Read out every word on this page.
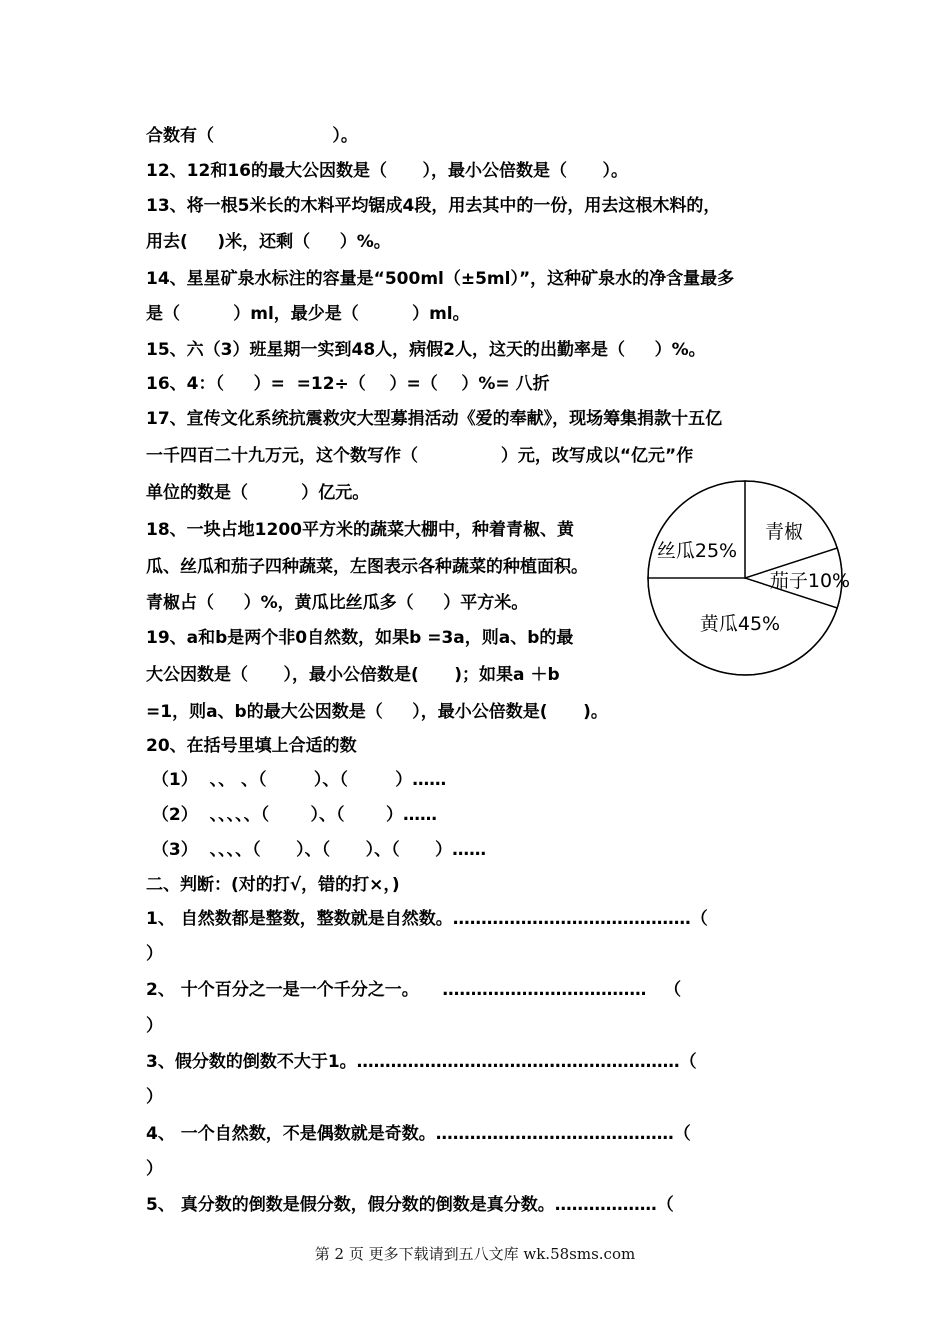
合数有（                    ）。
12、12和16的最大公因数是（      ），最小公倍数是（      ）。
13、将一根5米长的木料平均锯成4段，用去其中的一份，用去这根木料的，
用去(     )米，还剩（     ）%。
14、星星矿泉水标注的容量是“500ml（±5ml）”，这种矿泉水的净含量最多
是（         ）ml，最少是（         ）ml。
15、六（3）班星期一实到48人，病假2人，这天的出勤率是（     ）%。
16、4：（     ）=  =12÷（    ）=（    ）%= 八折
17、宣传文化系统抗震救灾大型募捐活动《爱的奉献》，现场筹集捐款十五亿
一千四百二十九万元，这个数写作（              ）元，改写成以“亿元”作
单位的数是（         ）亿元。
18、一块占地1200平方米的蔬菜大棚中，种着青椒、黄
瓜、丝瓜和茄子四种蔬菜，左图表示各种蔬菜的种植面积。
青椒占（     ）%，黄瓜比丝瓜多（     ）平方米。
19、a和b是两个非0自然数，如果b =3a，则a、b的最
大公因数是（      ），最小公倍数是(      )；如果a ＋b
=1，则a、b的最大公因数是（     ），最小公倍数是(      )。
20、在括号里填上合适的数
（1）  、、 、（        ）、（        ）……
（2）  、、、、、（       ）、（       ）……
（3）  、、、、（      ）、（      ）、（      ）……
二、判断：(对的打√，错的打×，)
1、 自然数都是整数，整数就是自然数。……………………………………（
）
2、 十个百分之一是一个千分之一。    ………………………………   （
）
3、假分数的倒数不大于1。…………………………………………………（
）
4、 一个自然数，不是偶数就是奇数。……………………………………（
）
5、 真分数的倒数是假分数，假分数的倒数是真分数。………………（
青椒
茄子10%
黄瓜45%
丝瓜25%
第 2 页 更多下载请到五八文库 wk.58sms.com
